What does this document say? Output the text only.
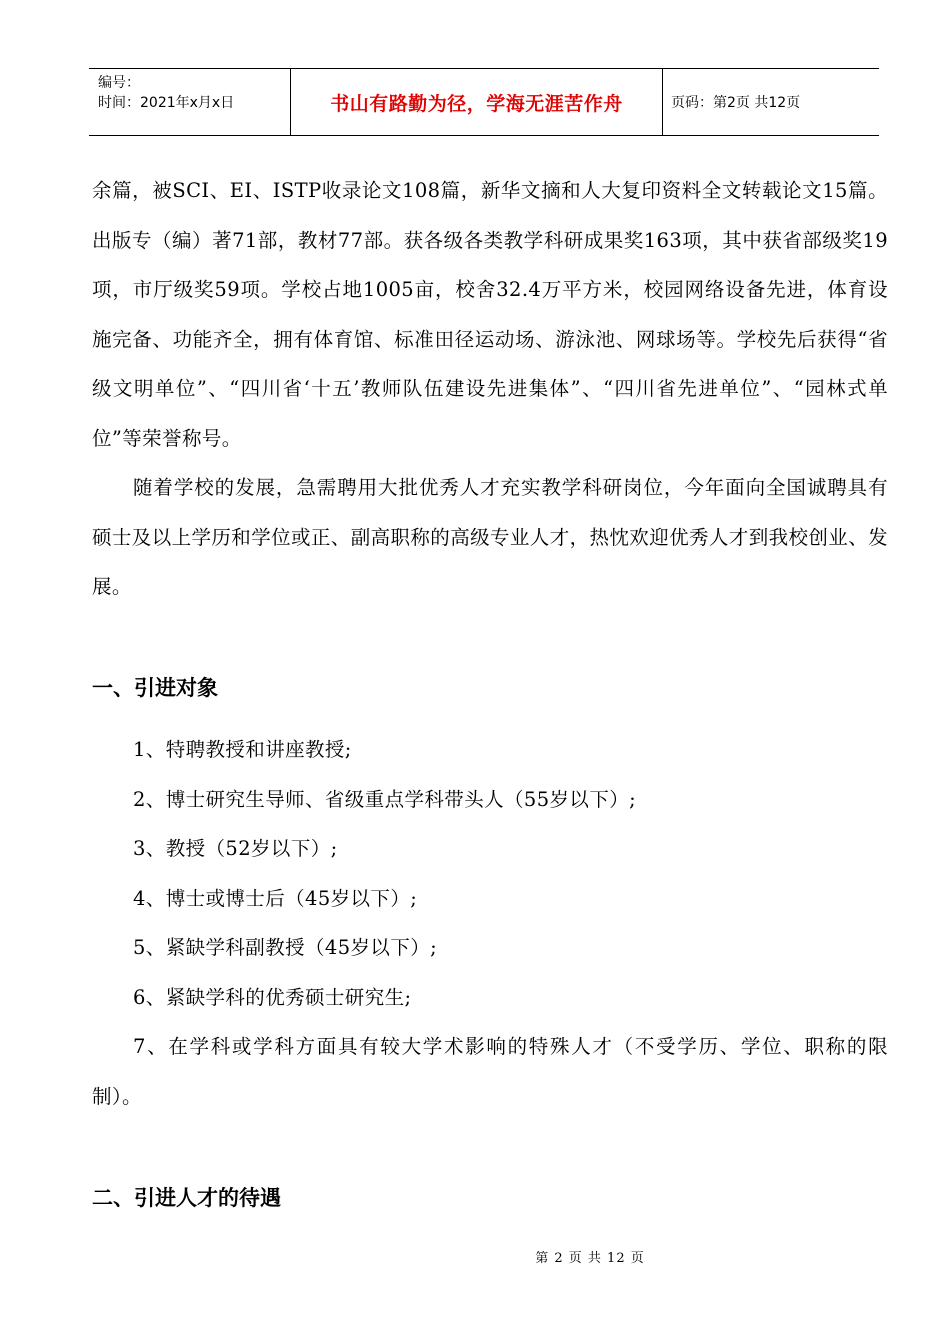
编号：
时间：2021年x月x日	书山有路勤为径，学海无涯苦作舟	页码：第2页 共12页

余篇，被SCI、EI、ISTP收录论文108篇，新华文摘和人大复印资料全文转载论文15篇。出版专（编）著71部，教材77部。获各级各类教学科研成果奖163项，其中获省部级奖19项，市厅级奖59项。学校占地1005亩，校舍32.4万平方米，校园网络设备先进，体育设施完备、功能齐全，拥有体育馆、标准田径运动场、游泳池、网球场等。学校先后获得“省级文明单位”、“四川省‘十五’教师队伍建设先进集体”、“四川省先进单位”、“园林式单位”等荣誉称号。

随着学校的发展，急需聘用大批优秀人才充实教学科研岗位，今年面向全国诚聘具有硕士及以上学历和学位或正、副高职称的高级专业人才，热忱欢迎优秀人才到我校创业、发展。

一、引进对象

1、特聘教授和讲座教授;

2、博士研究生导师、省级重点学科带头人（55岁以下）;

3、教授（52岁以下）;

4、博士或博士后（45岁以下）;

5、紧缺学科副教授（45岁以下）;

6、紧缺学科的优秀硕士研究生;

7、在学科或学科方面具有较大学术影响的特殊人才（不受学历、学位、职称的限制）。

二、引进人才的待遇
第 2 页 共 12 页
